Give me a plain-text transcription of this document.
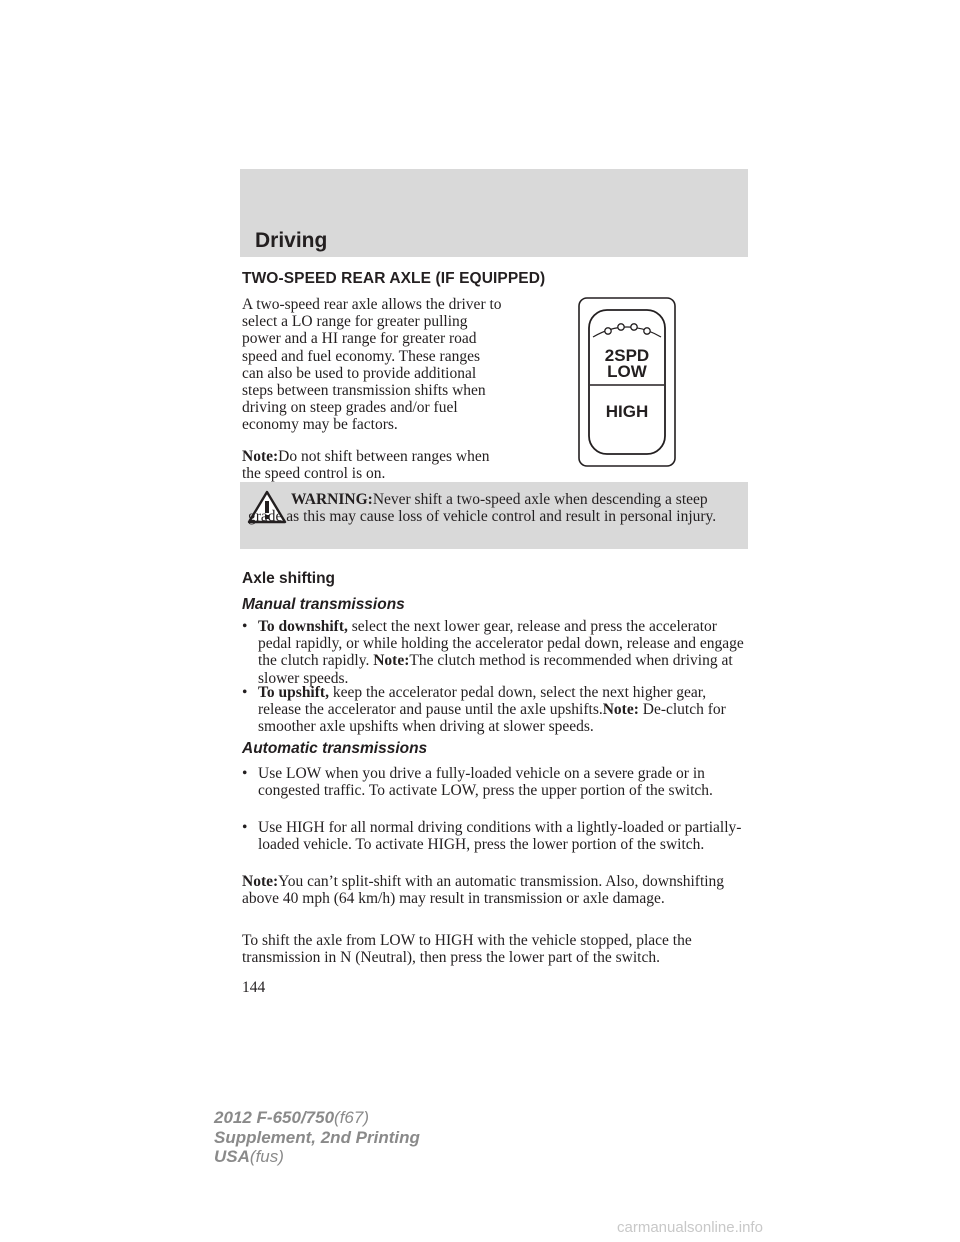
Driving
TWO-SPEED REAR AXLE (IF EQUIPPED)
A two-speed rear axle allows the driver to select a LO range for greater pulling power and a HI range for greater road speed and fuel economy. These ranges can also be used to provide additional steps between transmission shifts when driving on steep grades and/or fuel economy may be factors.
Note:Do not shift between ranges when the speed control is on.
2SPD
LOW
HIGH
WARNING:Never shift a two-speed axle when descending a steep grade as this may cause loss of vehicle control and result in personal injury.
Axle shifting
Manual transmissions
• To downshift, select the next lower gear, release and press the accelerator pedal rapidly, or while holding the accelerator pedal down, release and engage the clutch rapidly. Note:The clutch method is recommended when driving at slower speeds.
• To upshift, keep the accelerator pedal down, select the next higher gear, release the accelerator and pause until the axle upshifts.Note: De-clutch for smoother axle upshifts when driving at slower speeds.
Automatic transmissions
• Use LOW when you drive a fully-loaded vehicle on a severe grade or in congested traffic. To activate LOW, press the upper portion of the switch.
• Use HIGH for all normal driving conditions with a lightly-loaded or partially-loaded vehicle. To activate HIGH, press the lower portion of the switch.
Note:You can’t split-shift with an automatic transmission. Also, downshifting above 40 mph (64 km/h) may result in transmission or axle damage.
To shift the axle from LOW to HIGH with the vehicle stopped, place the transmission in N (Neutral), then press the lower part of the switch.
144
2012 F-650/750(f67)
Supplement, 2nd Printing
USA(fus)
carmanualsonline.info
